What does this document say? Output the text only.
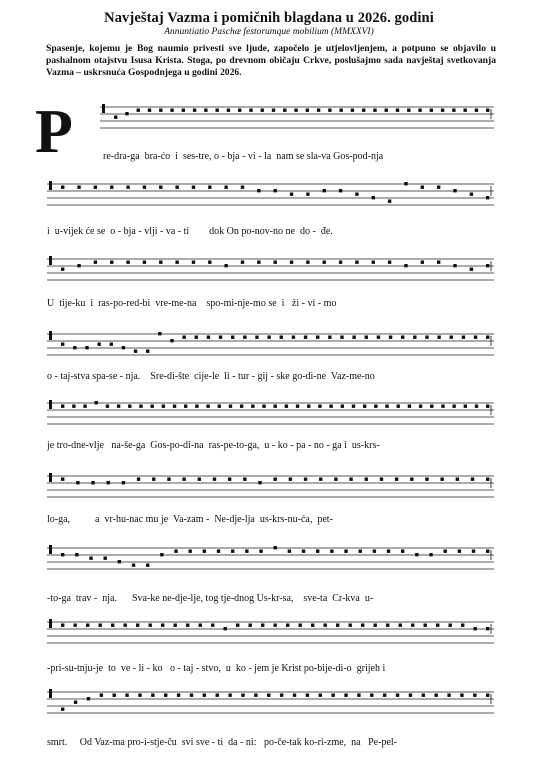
Navještaj Vazma i pomičnih blagdana u 2026. godini
Annuntiatio Paschæ festorumque mobilium (MMXXVI)
Spasenje, kojemu je Bog naumio privesti sve ljude, započelo je utjelovljenjem, a potpuno se objavilo u pashalnom otajstvu Isusa Krista. Stoga, po drevnom običaju Crkve, poslušajmo sada navještaj svetkovanja Vazma – uskrsnuća Gospodnjega u godini 2026.
P	re-dra-ga  bra-ćo  i  ses-tre, o - bja - vi - la  nam se sla-va Gos-pod-nja
i  u-vijek će se  o - bja - vlji - va - ti        dok On po-nov-no ne  do -  đe.
U  tije-ku  i  ras-po-red-bi  vre-me-na    spo-mi-nje-mo se  i   ži - vi - mo
o - taj-stva spa-se - nja.    Sre-di-šte  cije-le  li - tur - gij - ske go-di-ne  Vaz-me-no
je tro-dne-vlje   na-še-ga  Gos-po-di-na  ras-pe-to-ga,  u - ko - pa - no - ga i  us-krs-
lo-ga,          a  vr-hu-nac mu je  Va-zam -  Ne-dje-lja  us-krs-nu-ća,  pet-
-to-ga  trav -  nja.      Sva-ke ne-dje-lje, tog tje-dnog Us-kr-sa,    sve-ta  Cr-kva  u-
-pri-su-tnju-je  to  ve - li - ko   o - taj - stvo,  u  ko - jem je Krist po-bije-di-o  grijeh i
smrt.     Od Vaz-ma pro-i-stje-ču  svi sve - ti  da - ni:   po-če-tak ko-ri-zme,  na   Pe-pel-
